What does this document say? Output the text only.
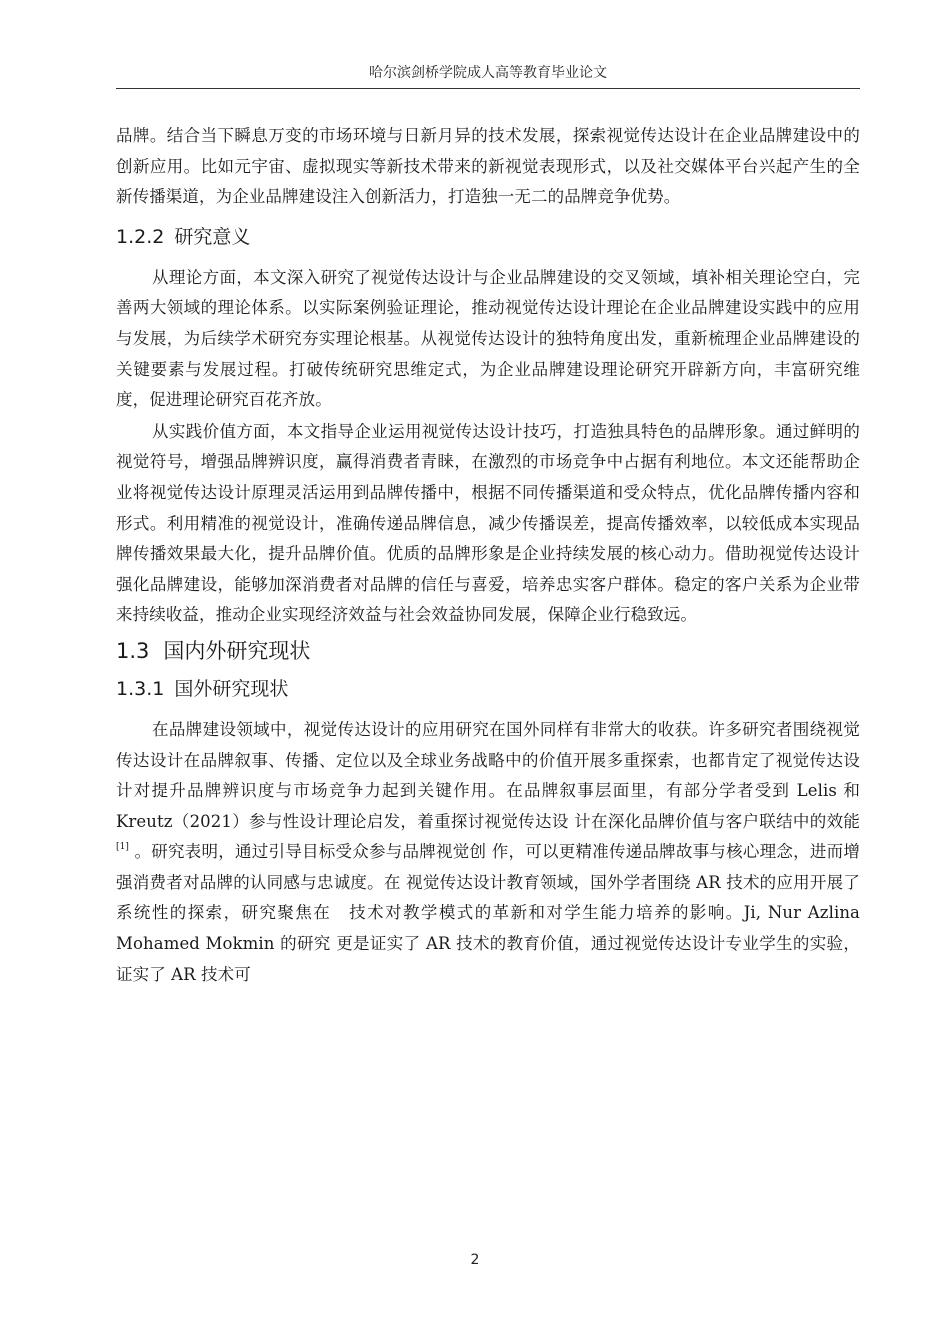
哈尔滨剑桥学院成人高等教育毕业论文

品牌。结合当下瞬息万变的市场环境与日新月异的技术发展，探索视觉传达设计在企业品牌建设中的创新应用。比如元宇宙、虚拟现实等新技术带来的新视觉表现形式，以及社交媒体平台兴起产生的全新传播渠道，为企业品牌建设注入创新活力，打造独一无二的品牌竞争优势。

1.2.2 研究意义

从理论方面，本文深入研究了视觉传达设计与企业品牌建设的交叉领域，填补相关理论空白，完善两大领域的理论体系。以实际案例验证理论，推动视觉传达设计理论在企业品牌建设实践中的应用与发展，为后续学术研究夯实理论根基。从视觉传达设计的独特角度出发，重新梳理企业品牌建设的关键要素与发展过程。打破传统研究思维定式，为企业品牌建设理论研究开辟新方向，丰富研究维度，促进理论研究百花齐放。

从实践价值方面，本文指导企业运用视觉传达设计技巧，打造独具特色的品牌形象。通过鲜明的视觉符号，增强品牌辨识度，赢得消费者青睐，在激烈的市场竞争中占据有利地位。本文还能帮助企业将视觉传达设计原理灵活运用到品牌传播中，根据不同传播渠道和受众特点，优化品牌传播内容和形式。利用精准的视觉设计，准确传递品牌信息，减少传播误差，提高传播效率，以较低成本实现品牌传播效果最大化，提升品牌价值。优质的品牌形象是企业持续发展的核心动力。借助视觉传达设计强化品牌建设，能够加深消费者对品牌的信任与喜爱，培养忠实客户群体。稳定的客户关系为企业带来持续收益，推动企业实现经济效益与社会效益协同发展，保障企业行稳致远。

1.3 国内外研究现状
1.3.1 国外研究现状

在品牌建设领域中，视觉传达设计的应用研究在国外同样有非常大的收获。许多研究者围绕视觉传达设计在品牌叙事、传播、定位以及全球业务战略中的价值开展多重探索，也都肯定了视觉传达设计对提升品牌辨识度与市场竞争力起到关键作用。在品牌叙事层面里，有部分学者受到 Lelis 和 Kreutz（2021）参与性设计理论启发，着重探讨视觉传达设 计在深化品牌价值与客户联结中的效能[1] 。研究表明，通过引导目标受众参与品牌视觉创 作，可以更精准传递品牌故事与核心理念，进而增强消费者对品牌的认同感与忠诚度。在 视觉传达设计教育领域，国外学者围绕 AR 技术的应用开展了系统性的探索，研究聚焦在　技术对教学模式的革新和对学生能力培养的影响。Ji, Nur Azlina Mohamed Mokmin 的研究 更是证实了 AR 技术的教育价值，通过视觉传达设计专业学生的实验，证实了 AR 技术可

2
